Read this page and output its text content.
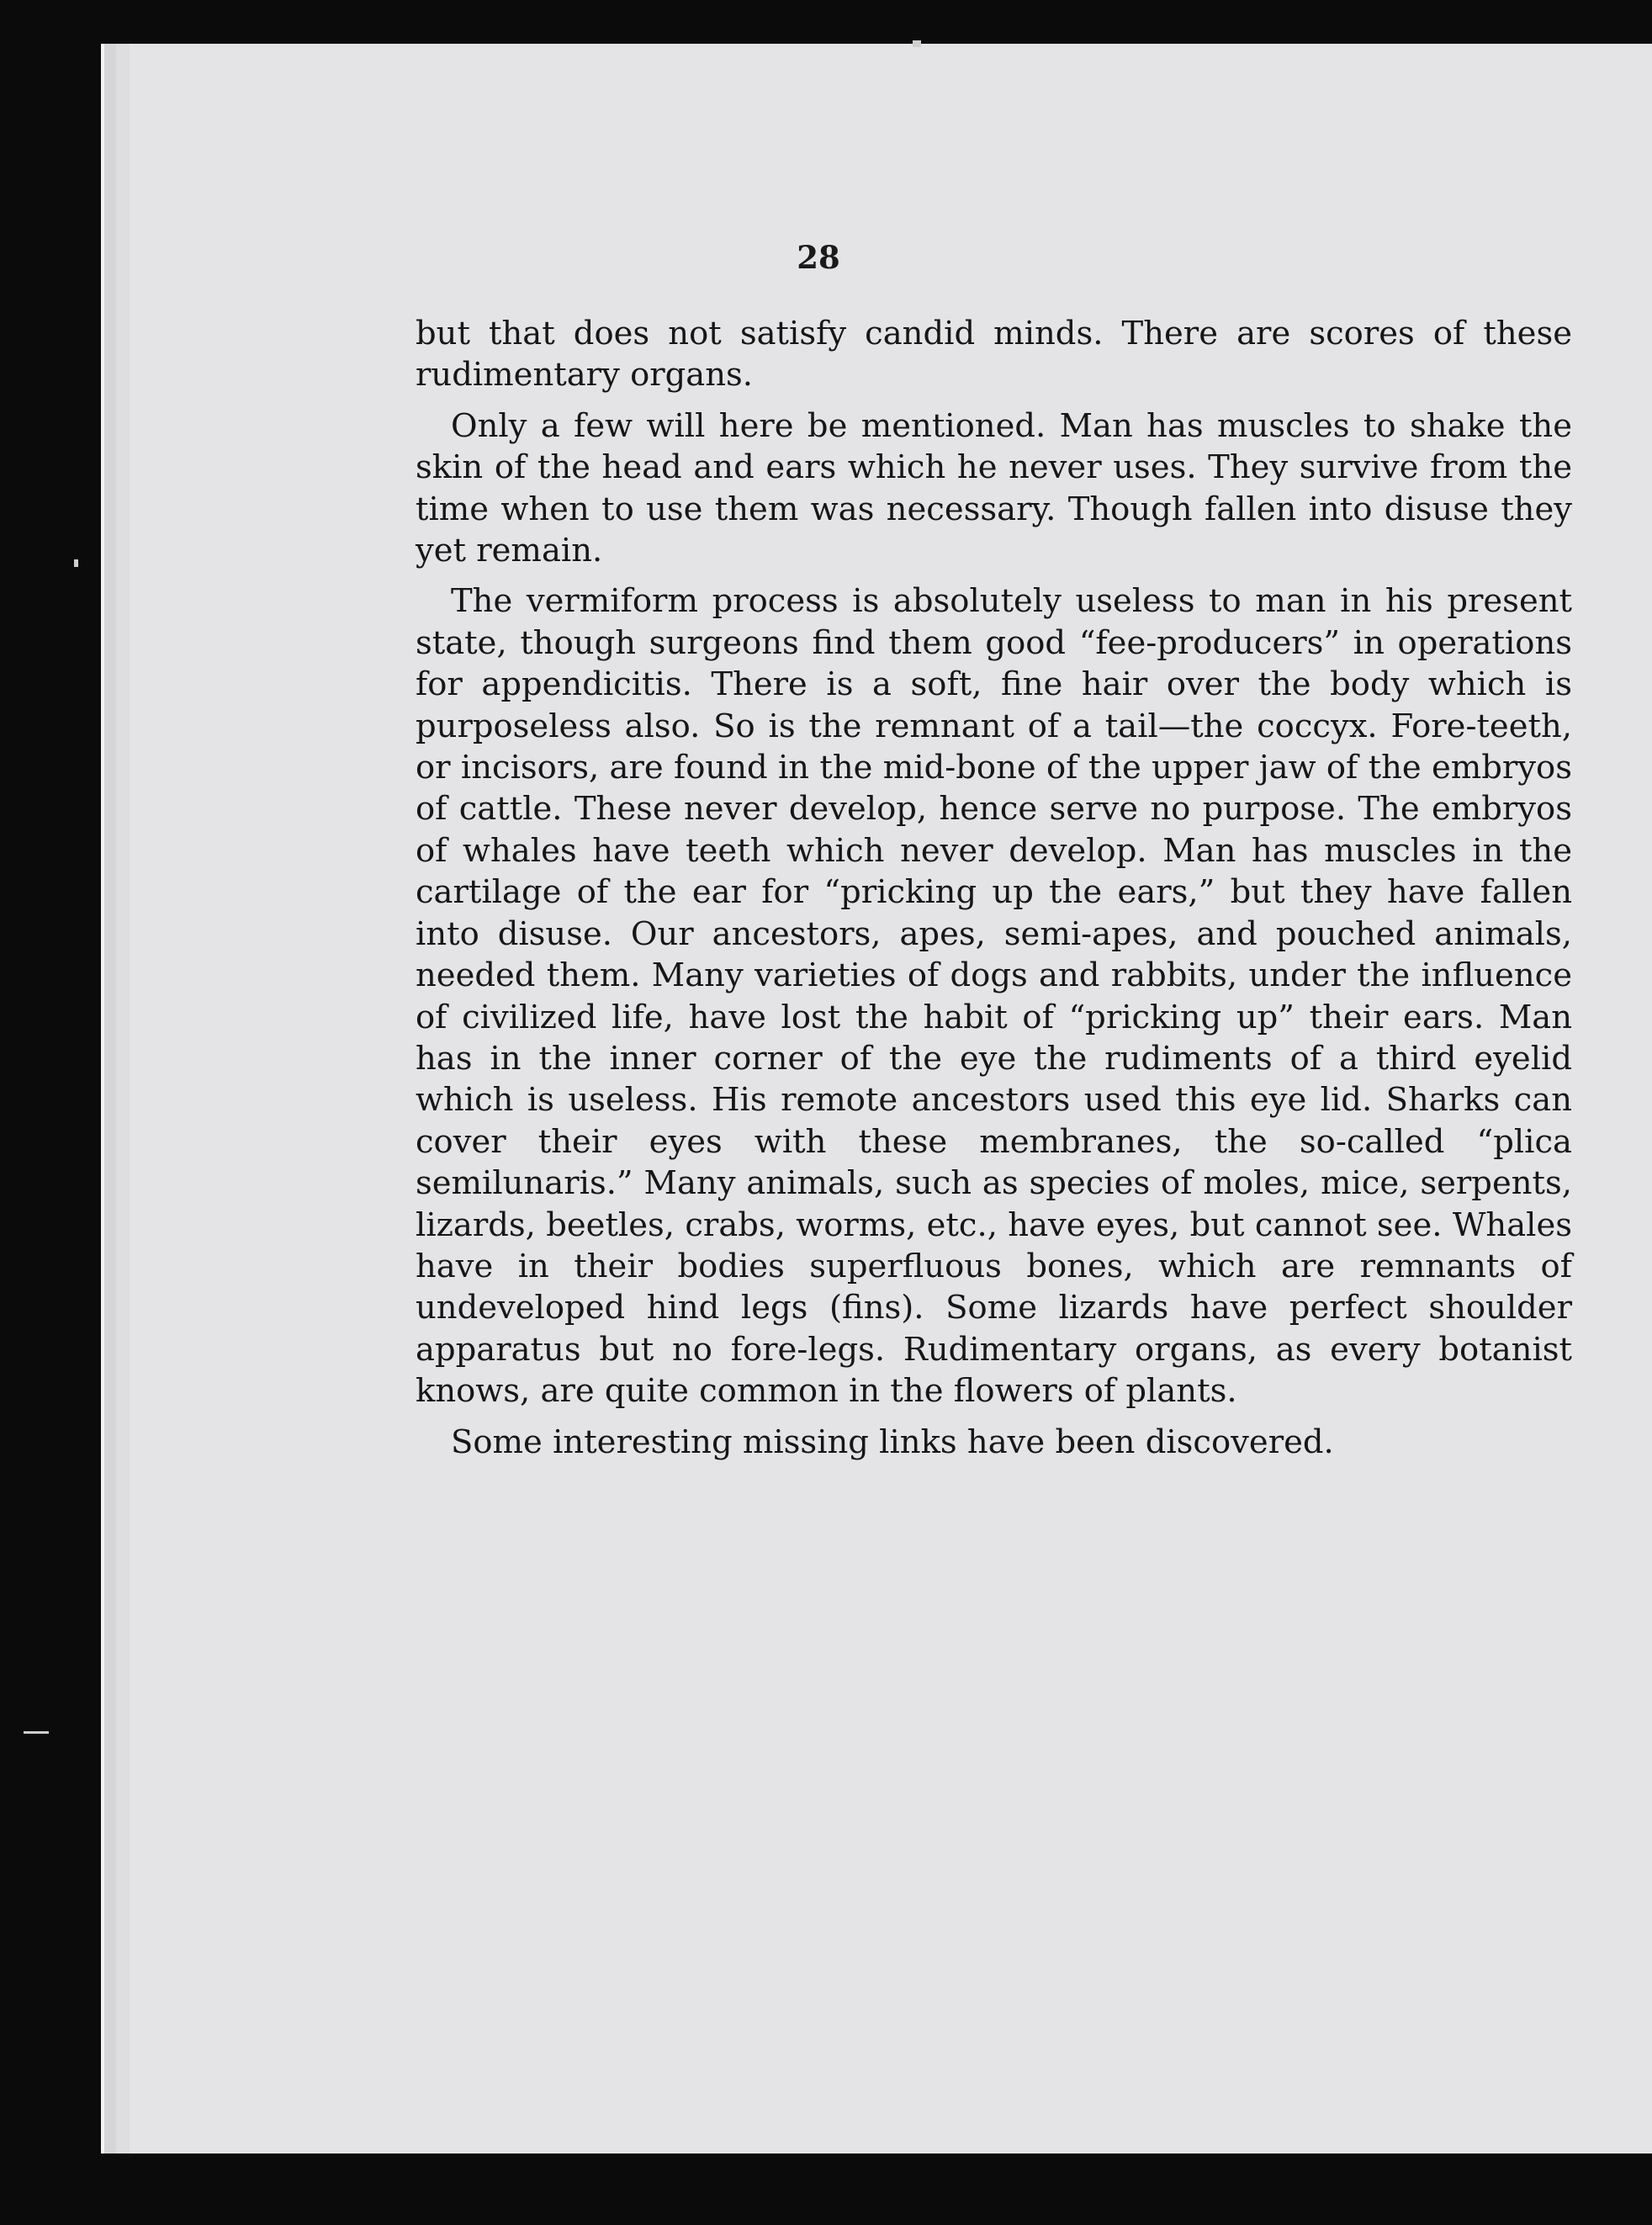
28

but that does not satisfy candid minds. There are scores of these rudimentary organs.

Only a few will here be mentioned. Man has muscles to shake the skin of the head and ears which he never uses. They survive from the time when to use them was necessary. Though fallen into disuse they yet remain.

The vermiform process is absolutely useless to man in his present state, though surgeons find them good “fee-producers” in operations for appendicitis. There is a soft, fine hair over the body which is purposeless also. So is the remnant of a tail—the coccyx. Fore-teeth, or incisors, are found in the mid-bone of the upper jaw of the embryos of cattle. These never develop, hence serve no purpose. The embryos of whales have teeth which never develop. Man has muscles in the cartilage of the ear for “pricking up the ears,” but they have fallen into disuse. Our ancestors, apes, semi-apes, and pouched animals, needed them. Many varieties of dogs and rabbits, under the influence of civilized life, have lost the habit of “pricking up” their ears. Man has in the inner corner of the eye the rudiments of a third eyelid which is useless. His remote ancestors used this eye lid. Sharks can cover their eyes with these membranes, the so-called “plica semilunaris.” Many animals, such as species of moles, mice, serpents, lizards, beetles, crabs, worms, etc., have eyes, but cannot see. Whales have in their bodies superfluous bones, which are remnants of undeveloped hind legs (fins). Some lizards have perfect shoulder apparatus but no fore-legs. Rudimentary organs, as every botanist knows, are quite common in the flowers of plants.

Some interesting missing links have been discovered.
